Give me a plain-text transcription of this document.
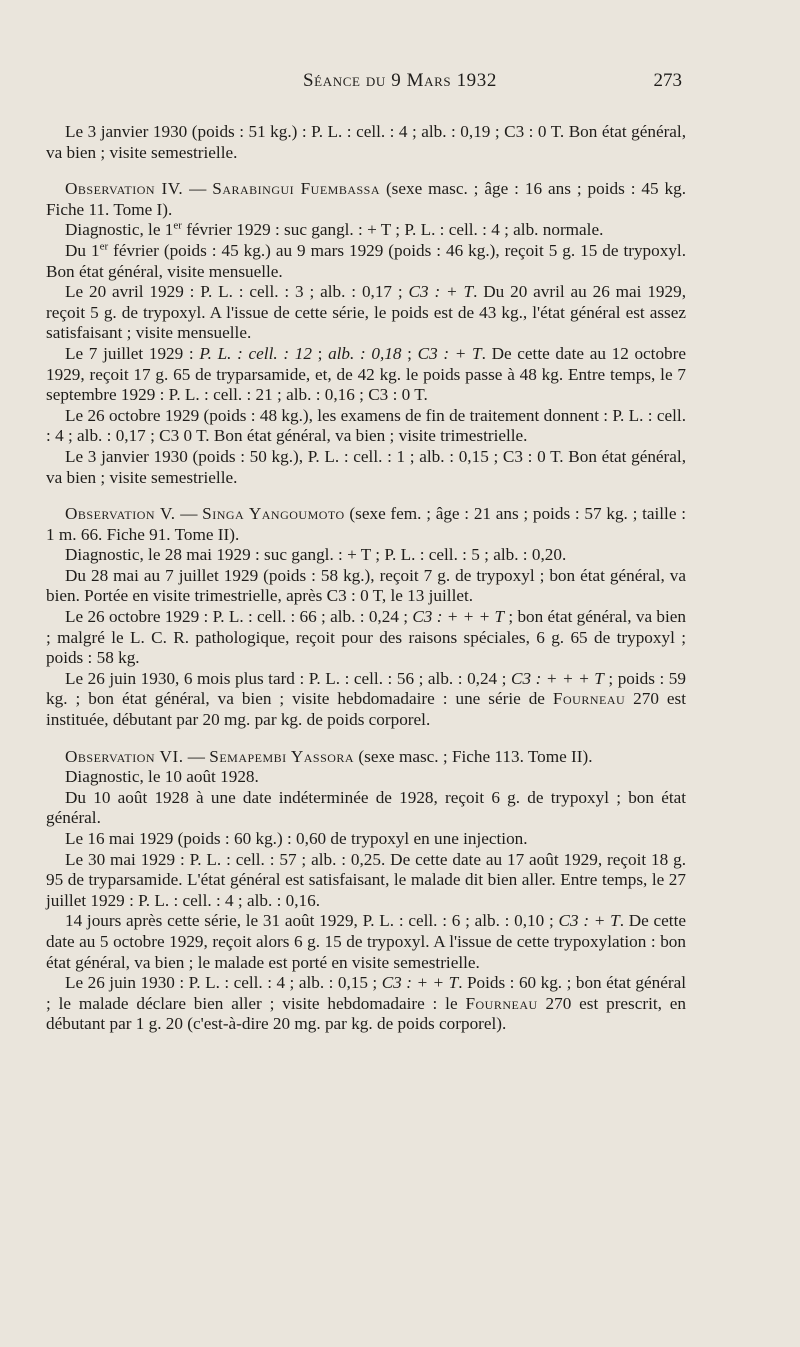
Séance du 9 Mars 1932	273

Le 3 janvier 1930 (poids : 51 kg.) : P. L. : cell. : 4 ; alb. : 0,19 ; C3 : 0 T. Bon état général, va bien ; visite semestrielle.

Observation IV. — Sarabingui Fuembassa (sexe masc. ; âge : 16 ans ; poids : 45 kg. Fiche 11. Tome I).

Diagnostic, le 1er février 1929 : suc gangl. : + T ; P. L. : cell. : 4 ; alb. normale.

Du 1er février (poids : 45 kg.) au 9 mars 1929 (poids : 46 kg.), reçoit 5 g. 15 de trypoxyl. Bon état général, visite mensuelle.

Le 20 avril 1929 : P. L. : cell. : 3 ; alb. : 0,17 ; C3 : + T. Du 20 avril au 26 mai 1929, reçoit 5 g. de trypoxyl. A l'issue de cette série, le poids est de 43 kg., l'état général est assez satisfaisant ; visite mensuelle.

Le 7 juillet 1929 : P. L. : cell. : 12 ; alb. : 0,18 ; C3 : + T. De cette date au 12 octobre 1929, reçoit 17 g. 65 de tryparsamide, et, de 42 kg. le poids passe à 48 kg. Entre temps, le 7 septembre 1929 : P. L. : cell. : 21 ; alb. : 0,16 ; C3 : 0 T.

Le 26 octobre 1929 (poids : 48 kg.), les examens de fin de traitement donnent : P. L. : cell. : 4 ; alb. : 0,17 ; C3 0 T. Bon état général, va bien ; visite trimestrielle.

Le 3 janvier 1930 (poids : 50 kg.), P. L. : cell. : 1 ; alb. : 0,15 ; C3 : 0 T. Bon état général, va bien ; visite semestrielle.

Observation V. — Singa Yangoumoto (sexe fem. ; âge : 21 ans ; poids : 57 kg. ; taille : 1 m. 66. Fiche 91. Tome II).

Diagnostic, le 28 mai 1929 : suc gangl. : + T ; P. L. : cell. : 5 ; alb. : 0,20.

Du 28 mai au 7 juillet 1929 (poids : 58 kg.), reçoit 7 g. de trypoxyl ; bon état général, va bien. Portée en visite trimestrielle, après C3 : 0 T, le 13 juillet.

Le 26 octobre 1929 : P. L. : cell. : 66 ; alb. : 0,24 ; C3 : + + + T ; bon état général, va bien ; malgré le L. C. R. pathologique, reçoit pour des raisons spéciales, 6 g. 65 de trypoxyl ; poids : 58 kg.

Le 26 juin 1930, 6 mois plus tard : P. L. : cell. : 56 ; alb. : 0,24 ; C3 : + + + T ; poids : 59 kg. ; bon état général, va bien ; visite hebdomadaire : une série de Fourneau 270 est instituée, débutant par 20 mg. par kg. de poids corporel.

Observation VI. — Semapembi Yassora (sexe masc. ; Fiche 113. Tome II).

Diagnostic, le 10 août 1928.

Du 10 août 1928 à une date indéterminée de 1928, reçoit 6 g. de trypoxyl ; bon état général.

Le 16 mai 1929 (poids : 60 kg.) : 0,60 de trypoxyl en une injection.

Le 30 mai 1929 : P. L. : cell. : 57 ; alb. : 0,25. De cette date au 17 août 1929, reçoit 18 g. 95 de tryparsamide. L'état général est satisfaisant, le malade dit bien aller. Entre temps, le 27 juillet 1929 : P. L. : cell. : 4 ; alb. : 0,16.

14 jours après cette série, le 31 août 1929, P. L. : cell. : 6 ; alb. : 0,10 ; C3 : + T. De cette date au 5 octobre 1929, reçoit alors 6 g. 15 de trypoxyl. A l'issue de cette trypoxylation : bon état général, va bien ; le malade est porté en visite semestrielle.

Le 26 juin 1930 : P. L. : cell. : 4 ; alb. : 0,15 ; C3 : + + T. Poids : 60 kg. ; bon état général ; le malade déclare bien aller ; visite hebdomadaire : le Fourneau 270 est prescrit, en débutant par 1 g. 20 (c'est-à-dire 20 mg. par kg. de poids corporel).
